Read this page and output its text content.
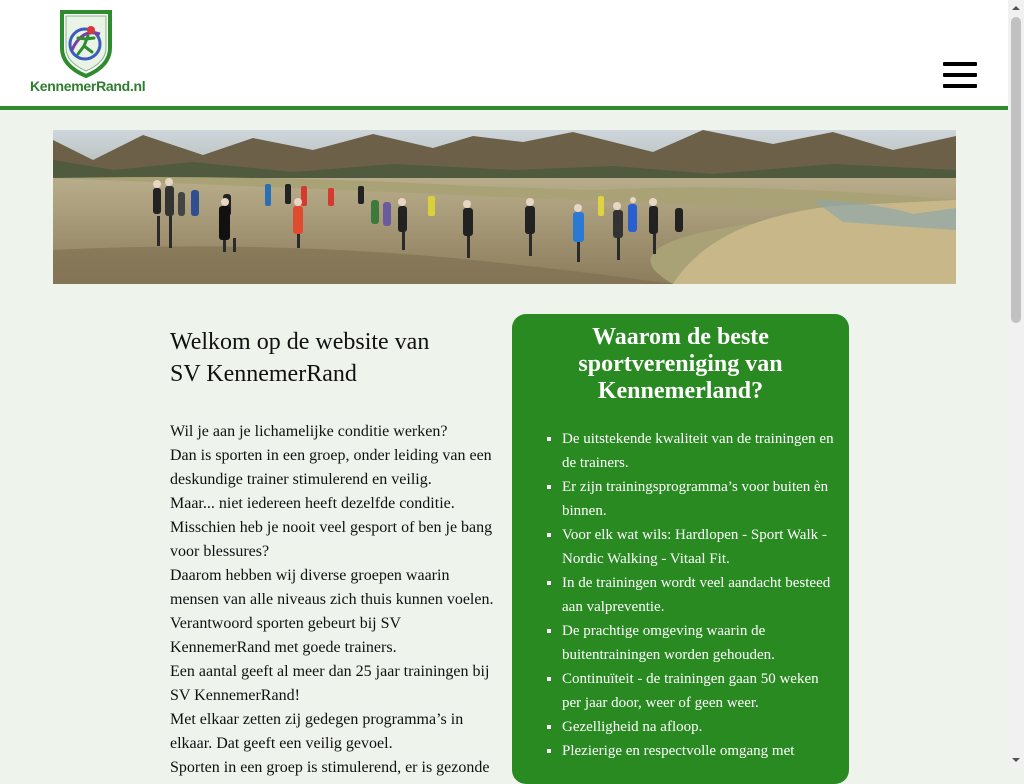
KennemerRand.nl
Welkom op de website van
SV KennemerRand

Wil je aan je lichamelijke conditie werken?

Dan is sporten in een groep, onder leiding van een deskundige trainer stimulerend en veilig.

Maar... niet iedereen heeft dezelfde conditie.

Misschien heb je nooit veel gesport of ben je bang voor blessures?

Daarom hebben wij diverse groepen waarin mensen van alle niveaus zich thuis kunnen voelen.

Verantwoord sporten gebeurt bij SV KennemerRand met goede trainers.

Een aantal geeft al meer dan 25 jaar trainingen bij SV KennemerRand!

Met elkaar zetten zij gedegen programma’s in elkaar. Dat geeft een veilig gevoel.

Sporten in een groep is stimulerend, er is gezonde

Waarom de beste sportvereniging van Kennemerland?
▪ De uitstekende kwaliteit van de trainingen en de trainers.
▪ Er zijn trainingsprogramma’s voor buiten èn binnen.
▪ Voor elk wat wils: Hardlopen - Sport Walk - Nordic Walking - Vitaal Fit.
▪ In de trainingen wordt veel aandacht besteed aan valpreventie.
▪ De prachtige omgeving waarin de buitentrainingen worden gehouden.
▪ Continuïteit - de trainingen gaan 50 weken per jaar door, weer of geen weer.
▪ Gezelligheid na afloop.
▪ Plezierige en respectvolle omgang met
